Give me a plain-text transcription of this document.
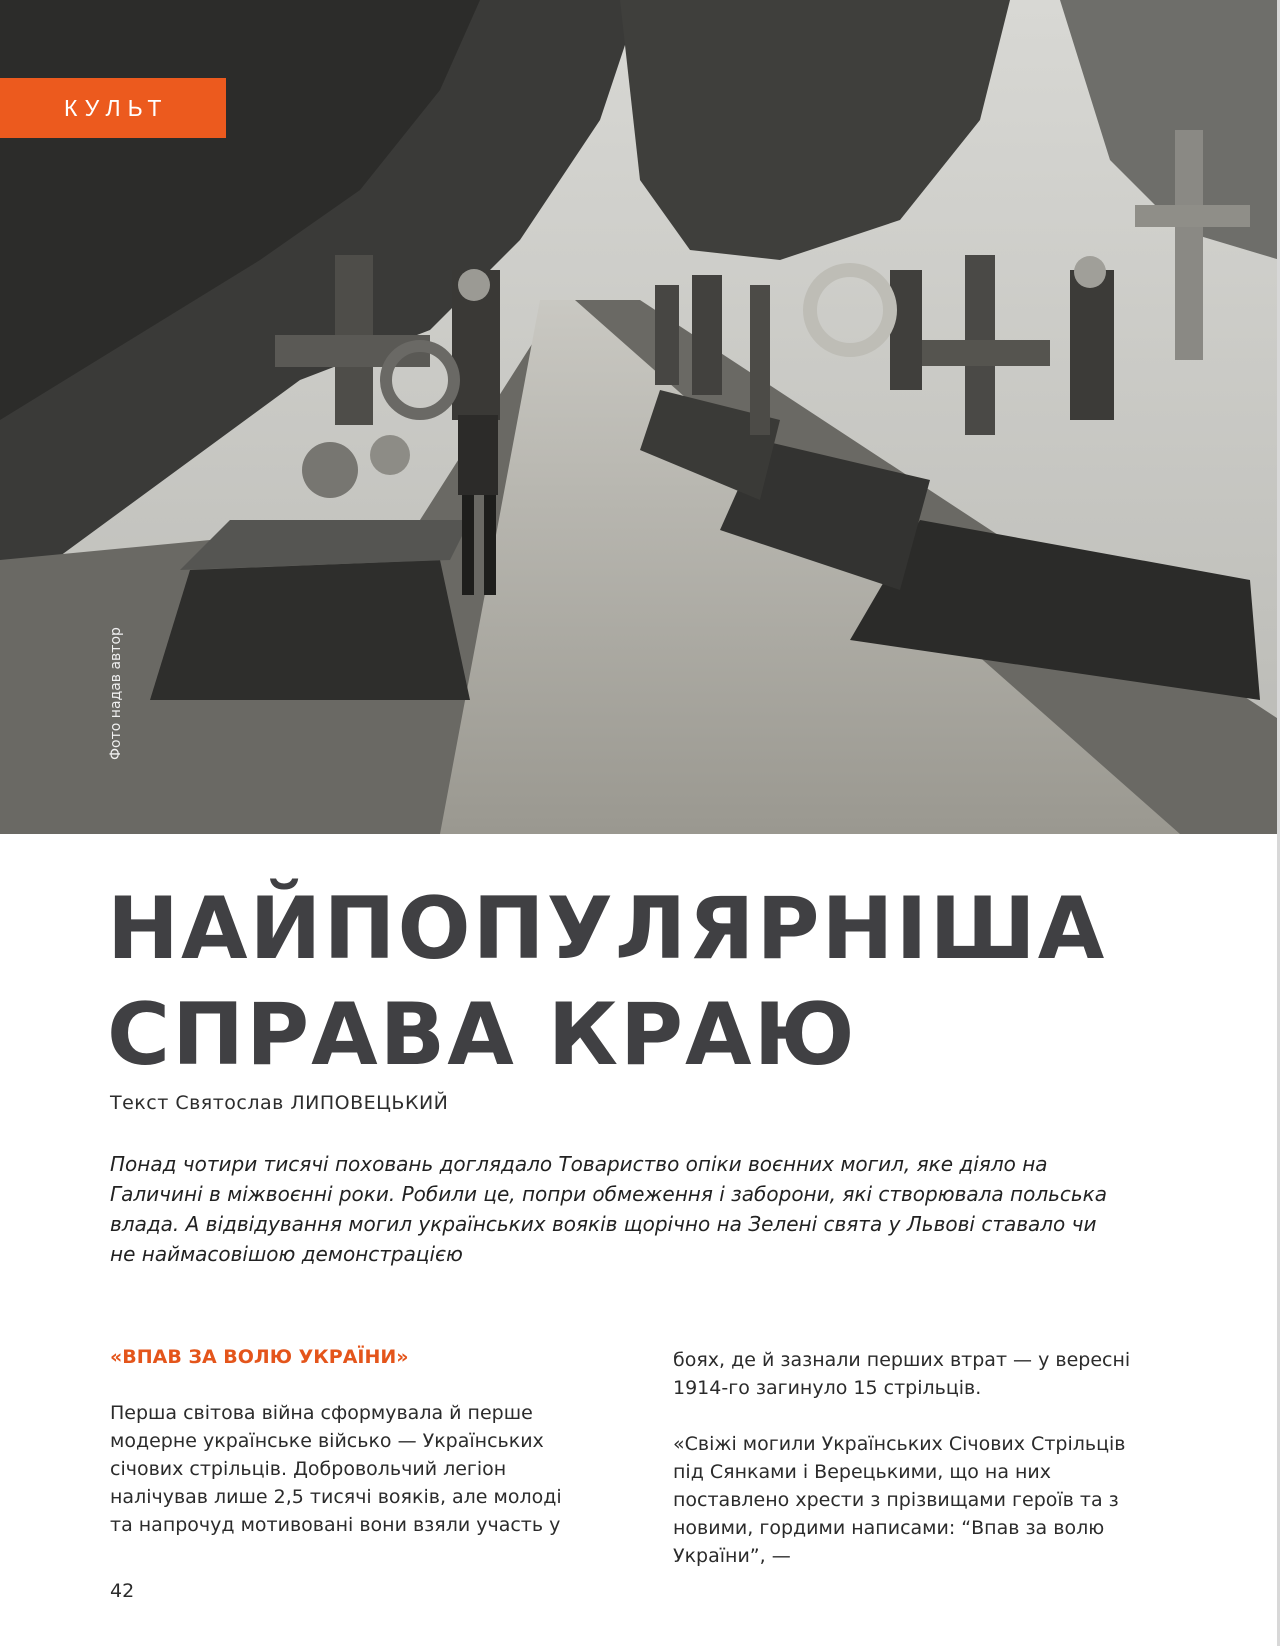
КУЛЬТ
Фото надав автор
НАЙПОПУЛЯРНІША
СПРАВА КРАЮ
Текст Святослав ЛИПОВЕЦЬКИЙ

Понад чотири тисячі поховань доглядало Товариство опіки воєнних могил, яке діяло на Галичині в міжвоєнні роки. Робили це, попри обмеження і заборони, які створювала польська влада. А відвідування могил українських вояків щорічно на Зелені свята у Львові ставало чи не наймасовішою демонстрацією

«ВПАВ ЗА ВОЛЮ УКРАЇНИ»

Перша світова війна сформувала й перше модерне українське військо — Українських січових стрільців. Добровольчий легіон налічував лише 2,5 тисячі вояків, але молоді та напрочуд мотивовані вони взяли участь у

боях, де й зазнали перших втрат — у вересні 1914-го загинуло 15 стрільців.

«Свіжі могили Українських Січових Стрільців під Сянками і Верецькими, що на них поставлено хрести з прізвищами героїв та з новими, гордими написами: “Впав за волю України”, —

42
